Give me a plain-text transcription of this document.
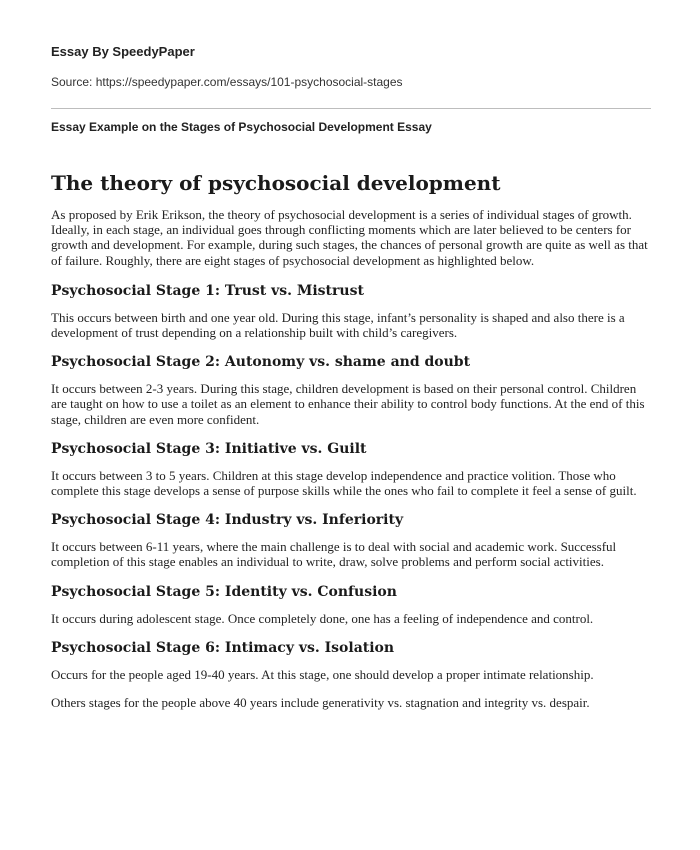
Essay By SpeedyPaper

Source: https://speedypaper.com/essays/101-psychosocial-stages

Essay Example on the Stages of Psychosocial Development Essay

The theory of psychosocial development

As proposed by Erik Erikson, the theory of psychosocial development is a series of individual stages of growth. Ideally, in each stage, an individual goes through conflicting moments which are later believed to be centers for growth and development. For example, during such stages, the chances of personal growth are quite as well as that of failure. Roughly, there are eight stages of psychosocial development as highlighted below.

Psychosocial Stage 1: Trust vs. Mistrust

This occurs between birth and one year old. During this stage, infant’s personality is shaped and also there is a development of trust depending on a relationship built with child’s caregivers.

Psychosocial Stage 2: Autonomy vs. shame and doubt

It occurs between 2-3 years. During this stage, children development is based on their personal control. Children are taught on how to use a toilet as an element to enhance their ability to control body functions. At the end of this stage, children are even more confident.

Psychosocial Stage 3: Initiative vs. Guilt

It occurs between 3 to 5 years. Children at this stage develop independence and practice volition. Those who complete this stage develops a sense of purpose skills while the ones who fail to complete it feel a sense of guilt.

Psychosocial Stage 4: Industry vs. Inferiority

It occurs between 6-11 years, where the main challenge is to deal with social and academic work. Successful completion of this stage enables an individual to write, draw, solve problems and perform social activities.

Psychosocial Stage 5: Identity vs. Confusion

It occurs during adolescent stage. Once completely done, one has a feeling of independence and control.

Psychosocial Stage 6: Intimacy vs. Isolation

Occurs for the people aged 19-40 years. At this stage, one should develop a proper intimate relationship.

Others stages for the people above 40 years include generativity vs. stagnation and integrity vs. despair.
